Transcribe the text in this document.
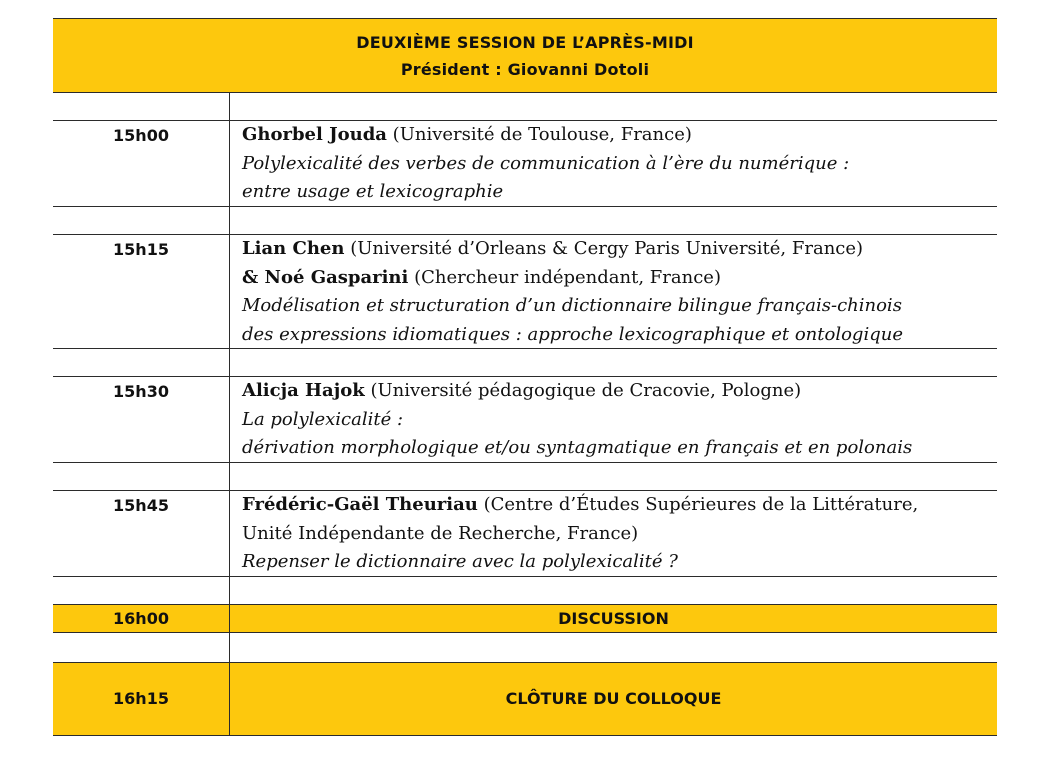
DEUXIÈME SESSION DE L’APRÈS-MIDI
Président : Giovanni Dotoli
15h00	Ghorbel Jouda (Université de Toulouse, France)
Polylexicalité des verbes de communication à l’ère du numérique :
entre usage et lexicographie
15h15	Lian Chen (Université d’Orleans & Cergy Paris Université, France)
& Noé Gasparini (Chercheur indépendant, France)
Modélisation et structuration d’un dictionnaire bilingue français-chinois
des expressions idiomatiques : approche lexicographique et ontologique
15h30	Alicja Hajok (Université pédagogique de Cracovie, Pologne)
La polylexicalité :
dérivation morphologique et/ou syntagmatique en français et en polonais
15h45	Frédéric-Gaël Theuriau (Centre d’Études Supérieures de la Littérature,
Unité Indépendante de Recherche, France)
Repenser le dictionnaire avec la polylexicalité ?
16h00	DISCUSSION
16h15	CLÔTURE DU COLLOQUE
